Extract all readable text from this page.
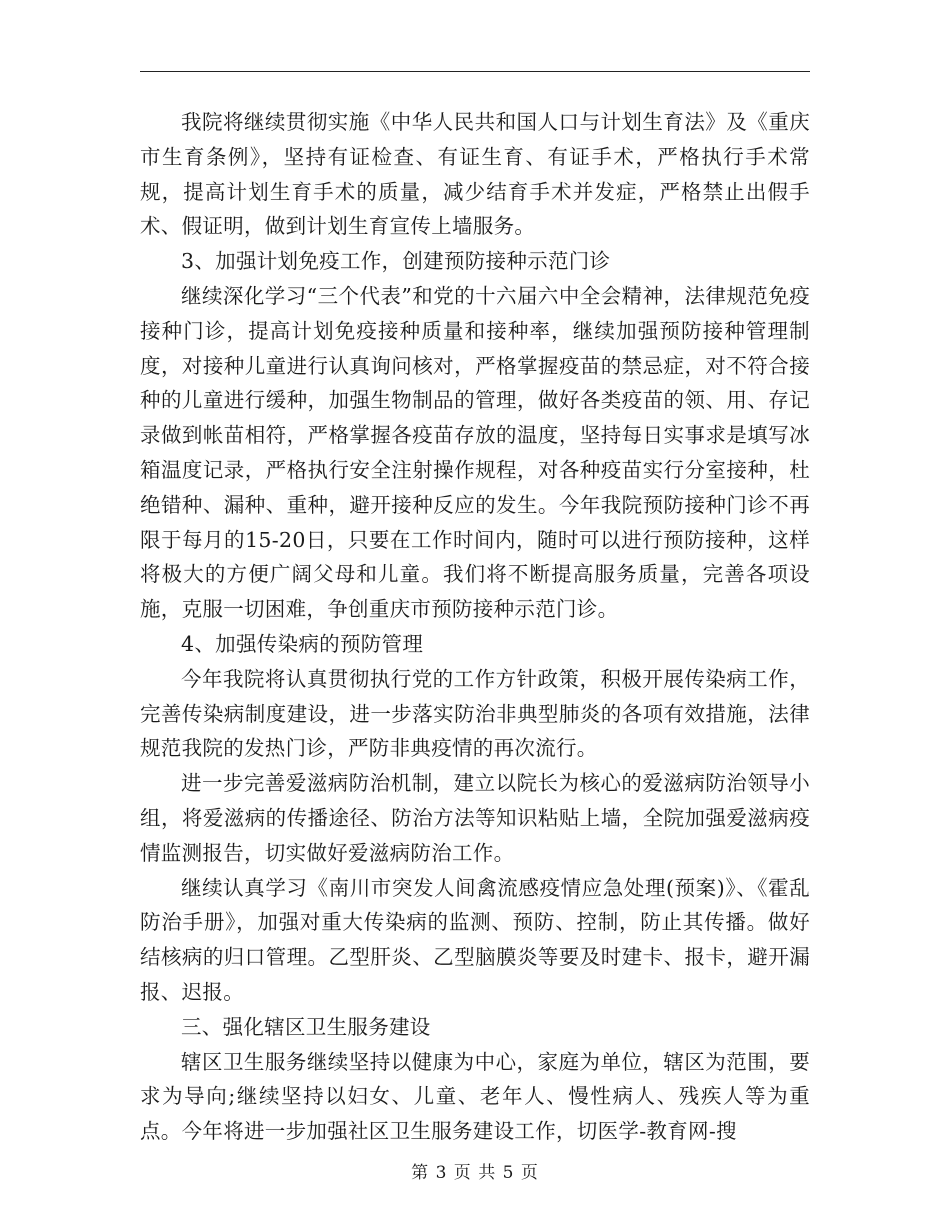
我院将继续贯彻实施《中华人民共和国人口与计划生育法》及《重庆市生育条例》，坚持有证检查、有证生育、有证手术，严格执行手术常规，提高计划生育手术的质量，减少结育手术并发症，严格禁止出假手术、假证明，做到计划生育宣传上墙服务。

3、加强计划免疫工作，创建预防接种示范门诊

继续深化学习“三个代表”和党的十六届六中全会精神，法律规范免疫接种门诊，提高计划免疫接种质量和接种率，继续加强预防接种管理制度，对接种儿童进行认真询问核对，严格掌握疫苗的禁忌症，对不符合接种的儿童进行缓种，加强生物制品的管理，做好各类疫苗的领、用、存记录做到帐苗相符，严格掌握各疫苗存放的温度，坚持每日实事求是填写冰箱温度记录，严格执行安全注射操作规程，对各种疫苗实行分室接种，杜绝错种、漏种、重种，避开接种反应的发生。今年我院预防接种门诊不再限于每月的15-20日，只要在工作时间内，随时可以进行预防接种，这样将极大的方便广阔父母和儿童。我们将不断提高服务质量，完善各项设施，克服一切困难，争创重庆市预防接种示范门诊。

4、加强传染病的预防管理

今年我院将认真贯彻执行党的工作方针政策，积极开展传染病工作，完善传染病制度建设，进一步落实防治非典型肺炎的各项有效措施，法律规范我院的发热门诊，严防非典疫情的再次流行。

进一步完善爱滋病防治机制，建立以院长为核心的爱滋病防治领导小组，将爱滋病的传播途径、防治方法等知识粘贴上墙，全院加强爱滋病疫情监测报告，切实做好爱滋病防治工作。

继续认真学习《南川市突发人间禽流感疫情应急处理(预案)》、《霍乱防治手册》，加强对重大传染病的监测、预防、控制，防止其传播。做好结核病的归口管理。乙型肝炎、乙型脑膜炎等要及时建卡、报卡，避开漏报、迟报。

三、强化辖区卫生服务建设

辖区卫生服务继续坚持以健康为中心，家庭为单位，辖区为范围，要求为导向;继续坚持以妇女、儿童、老年人、慢性病人、残疾人等为重点。今年将进一步加强社区卫生服务建设工作，切医学-教育网-搜

第 3 页 共 5 页
